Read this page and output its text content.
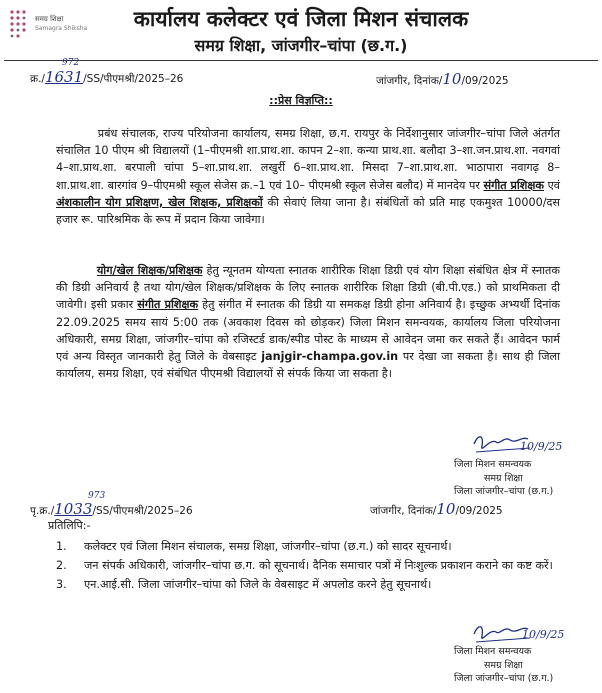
समग्र शिक्षा
Samagra Shiksha	कार्यालय कलेक्टर एवं जिला मिशन संचालक
समग्र शिक्षा, जांजगीर–चांपा (छ.ग.)
क्र./1631/SS/पीएमश्री/2025–26
972
जांजगीर, दिनांक/10/09/2025
::प्रेस विज्ञप्ति::
प्रबंध संचालक, राज्य परियोजना कार्यालय, समग्र शिक्षा, छ.ग. रायपुर के निर्देशानुसार जांजगीर–चांपा जिले अंतर्गत संचालित 10 पीएम श्री विद्यालयों (1–पीएमश्री शा.प्राथ.शा. कापन 2–शा. कन्या प्राथ.शा. बलौदा 3–शा.जन.प्राथ.शा. नवगवां 4–शा.प्राथ.शा. बरपाली चांपा 5–शा.प्राथ.शा. लखुर्री 6–शा.प्राथ.शा. मिसदा 7–शा.प्राथ.शा. भाठापारा नवागढ़ 8–शा.प्राथ.शा. बारगांव 9–पीएमश्री स्कूल सेजेस क्र.–1 एवं 10– पीएमश्री स्कूल सेजेस बलौद) में मानदेय पर संगीत प्रशिक्षक एवं अंशकालीन योग प्रशिक्षण, खेल शिक्षक, प्रशिक्षकों की सेवाएं लिया जाना है। संबंधितों को प्रति माह एकमुश्त 10000/दस हजार रू. पारिश्रमिक के रूप में प्रदान किया जावेगा।
योग/खेल शिक्षक/प्रशिक्षक हेतु न्यूनतम योग्यता स्नातक शारीरिक शिक्षा डिग्री एवं योग शिक्षा संबंधित क्षेत्र में स्नातक की डिग्री अनिवार्य है तथा योग/खेल शिक्षक/प्रशिक्षक के लिए स्नातक शारीरिक शिक्षा डिग्री (बी.पी.एड.) को प्राथमिकता दी जावेगी। इसी प्रकार संगीत प्रशिक्षक हेतु संगीत में स्नातक की डिग्री या समकक्ष डिग्री होना अनिवार्य है। इच्छुक अभ्यर्थी दिनांक 22.09.2025 समय सायं 5:00 तक (अवकाश दिवस को छोड़कर) जिला मिशन समन्वयक, कार्यालय जिला परियोजना अधिकारी, समग्र शिक्षा, जांजगीर–चांपा को रजिस्टर्ड डाक/स्पीड पोस्ट के माध्यम से आवेदन जमा कर सकते हैं। आवेदन फार्म एवं अन्य विस्तृत जानकारी हेतु जिले के वेबसाइट janjgir-champa.gov.in पर देखा जा सकता है। साथ ही जिला कार्यालय, समग्र शिक्षा, एवं संबंधित पीएमश्री विद्यालयों से संपर्क किया जा सकता है।
10/9/25
जिला मिशन समन्वयक
समग्र शिक्षा
जिला जांजगीर–चांपा (छ.ग.)
पृ.क्र./1033/SS/पीएमश्री/2025–26
973
जांजगीर, दिनांक/10/09/2025
प्रतिलिपि:-
1.	कलेक्टर एवं जिला मिशन संचालक, समग्र शिक्षा, जांजगीर–चांपा (छ.ग.) को सादर सूचनार्थ।
2.	जन संपर्क अधिकारी, जांजगीर–चांपा छ.ग. को सूचनार्थ। दैनिक समाचार पत्रों में निःशुल्क प्रकाशन कराने का कष्ट करें।
3.	एन.आई.सी. जिला जांजगीर–चांपा को जिले के वेबसाइट में अपलोड करने हेतु सूचनार्थ।
10/9/25
जिला मिशन समन्वयक
समग्र शिक्षा
जिला जांजगीर–चांपा (छ.ग.)
